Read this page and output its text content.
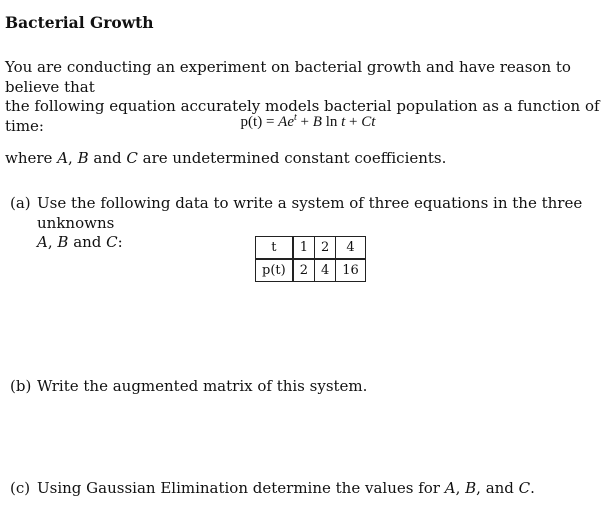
Bacterial Growth
You are conducting an experiment on bacterial growth and have reason to believe that
the following equation accurately models bacterial population as a function of time:	$p(t) = Ae^t + B$ ln t + Ct
where A, B and C are undetermined constant coefficients.
(a) Use the following data to write a system of three equations in the three unknowns
A, B and C:	t	1	2	4
p(t)	2	4	16
(b) Write the augmented matrix of this system.
(c) Using Gaussian Elimination determine the values for A, B, and C.
